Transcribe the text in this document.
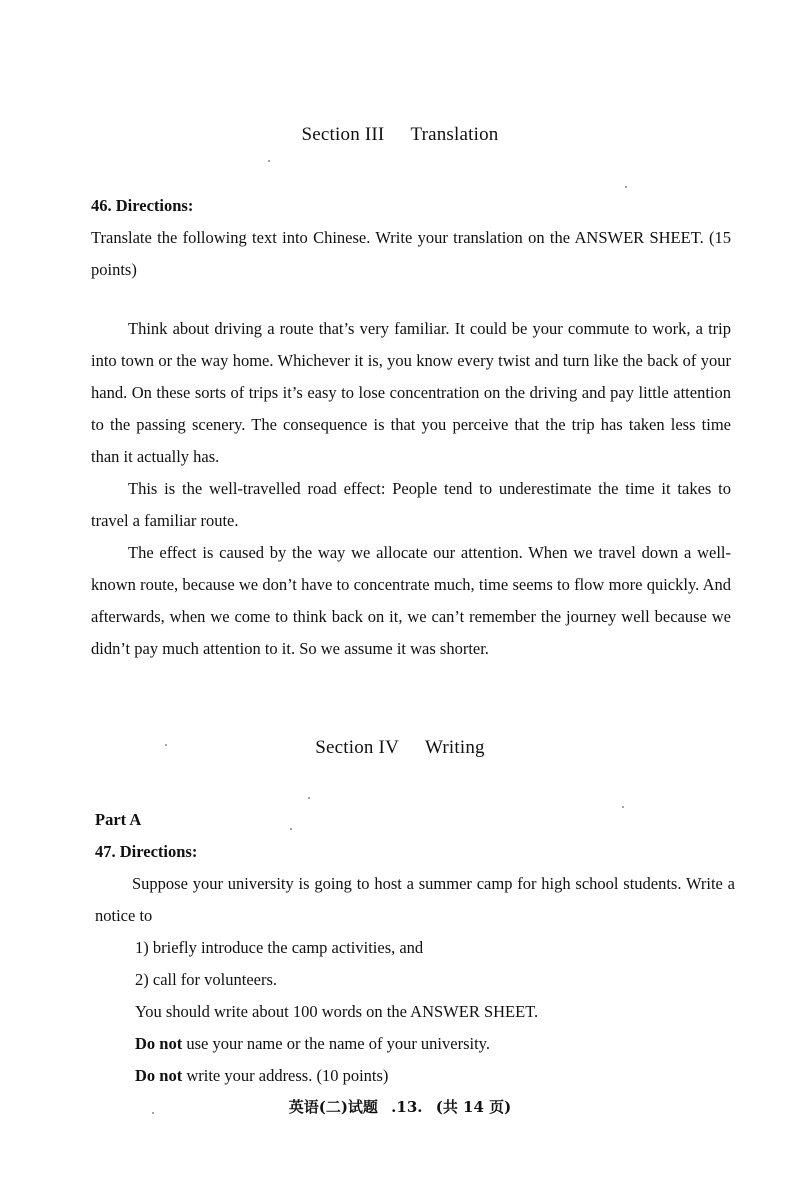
Section III Translation
46. Directions:

Translate the following text into Chinese. Write your translation on the ANSWER SHEET. (15 points)

Think about driving a route that’s very familiar. It could be your commute to work, a trip into town or the way home. Whichever it is, you know every twist and turn like the back of your hand. On these sorts of trips it’s easy to lose concentration on the driving and pay little attention to the passing scenery. The consequence is that you perceive that the trip has taken less time than it actually has.

This is the well-travelled road effect: People tend to underestimate the time it takes to travel a familiar route.

The effect is caused by the way we allocate our attention. When we travel down a well-known route, because we don’t have to concentrate much, time seems to flow more quickly. And afterwards, when we come to think back on it, we can’t remember the journey well because we didn’t pay much attention to it. So we assume it was shorter.

Section IV Writing
Part A
47. Directions:

Suppose your university is going to host a summer camp for high school students. Write a notice to

1) briefly introduce the camp activities, and

2) call for volunteers.

You should write about 100 words on the ANSWER SHEET.

Do not use your name or the name of your university.

Do not write your address. (10 points)

英语(二)试题 .13. (共 14 页)
